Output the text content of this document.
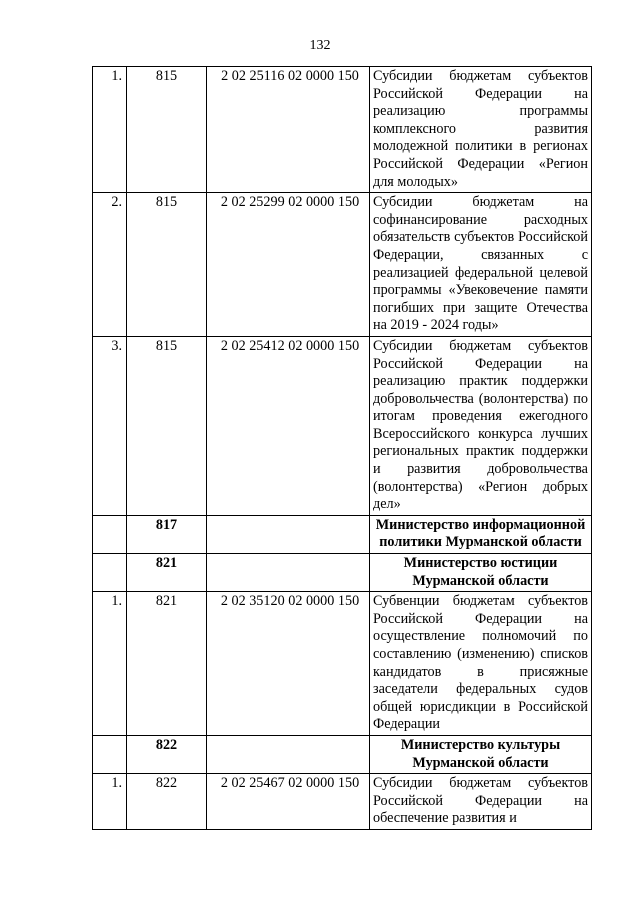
132
1.	815	2 02 25116 02 0000 150	Субсидии бюджетам субъектов Российской Федерации на реализацию программы комплексного развития молодежной политики в регионах Российской Федерации «Регион для молодых»
2.	815	2 02 25299 02 0000 150	Субсидии бюджетам на софинансирование расходных обязательств субъектов Российской Федерации, связанных с реализацией федеральной целевой программы «Увековечение памяти погибших при защите Отечества на 2019 - 2024 годы»
3.	815	2 02 25412 02 0000 150	Субсидии бюджетам субъектов Российской Федерации на реализацию практик поддержки добровольчества (волонтерства) по итогам проведения ежегодного Всероссийского конкурса лучших региональных практик поддержки и развития добровольчества (волонтерства) «Регион добрых дел»
	817		Министерство информационной политики Мурманской области
	821		Министерство юстиции Мурманской области
1.	821	2 02 35120 02 0000 150	Субвенции бюджетам субъектов Российской Федерации на осуществление полномочий по составлению (изменению) списков кандидатов в присяжные заседатели федеральных судов общей юрисдикции в Российской Федерации
	822		Министерство культуры Мурманской области
1.	822	2 02 25467 02 0000 150	Субсидии бюджетам субъектов Российской Федерации на обеспечение развития и
